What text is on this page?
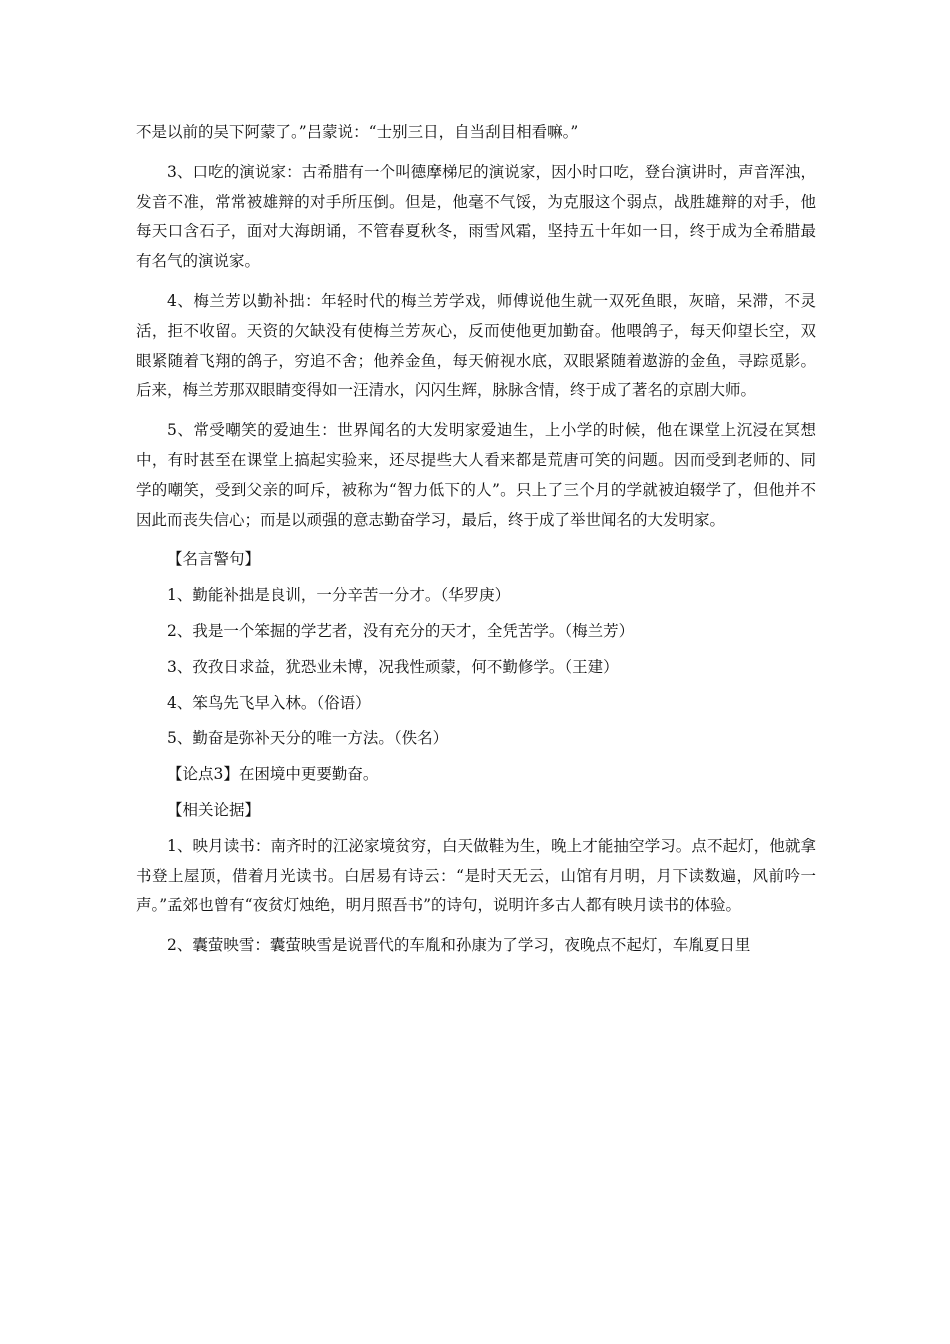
不是以前的吴下阿蒙了。”吕蒙说：“士别三日，自当刮目相看嘛。”

3、口吃的演说家：古希腊有一个叫德摩梯尼的演说家，因小时口吃，登台演讲时，声音浑浊，发音不准，常常被雄辩的对手所压倒。但是，他毫不气馁，为克服这个弱点，战胜雄辩的对手，他每天口含石子，面对大海朗诵，不管春夏秋冬，雨雪风霜，坚持五十年如一日，终于成为全希腊最有名气的演说家。

4、梅兰芳以勤补拙：年轻时代的梅兰芳学戏，师傅说他生就一双死鱼眼，灰暗，呆滞，不灵活，拒不收留。天资的欠缺没有使梅兰芳灰心，反而使他更加勤奋。他喂鸽子，每天仰望长空，双眼紧随着飞翔的鸽子，穷追不舍；他养金鱼，每天俯视水底，双眼紧随着遨游的金鱼，寻踪觅影。后来，梅兰芳那双眼睛变得如一汪清水，闪闪生辉，脉脉含情，终于成了著名的京剧大师。

5、常受嘲笑的爱迪生：世界闻名的大发明家爱迪生，上小学的时候，他在课堂上沉浸在冥想中，有时甚至在课堂上搞起实验来，还尽提些大人看来都是荒唐可笑的问题。因而受到老师的、同学的嘲笑，受到父亲的呵斥，被称为“智力低下的人”。只上了三个月的学就被迫辍学了，但他并不因此而丧失信心；而是以顽强的意志勤奋学习，最后，终于成了举世闻名的大发明家。

【名言警句】

1、勤能补拙是良训，一分辛苦一分才。（华罗庚）

2、我是一个笨掘的学艺者，没有充分的天才，全凭苦学。（梅兰芳）

3、孜孜日求益，犹恐业未博，况我性顽蒙，何不勤修学。（王建）

4、笨鸟先飞早入林。（俗语）

5、勤奋是弥补天分的唯一方法。（佚名）

【论点3】在困境中更要勤奋。

【相关论据】

1、映月读书：南齐时的江泌家境贫穷，白天做鞋为生，晚上才能抽空学习。点不起灯，他就拿书登上屋顶，借着月光读书。白居易有诗云：“是时天无云，山馆有月明，月下读数遍，风前吟一声。”孟郊也曾有“夜贫灯烛绝，明月照吾书”的诗句，说明许多古人都有映月读书的体验。

2、囊萤映雪：囊萤映雪是说晋代的车胤和孙康为了学习，夜晚点不起灯，车胤夏日里
